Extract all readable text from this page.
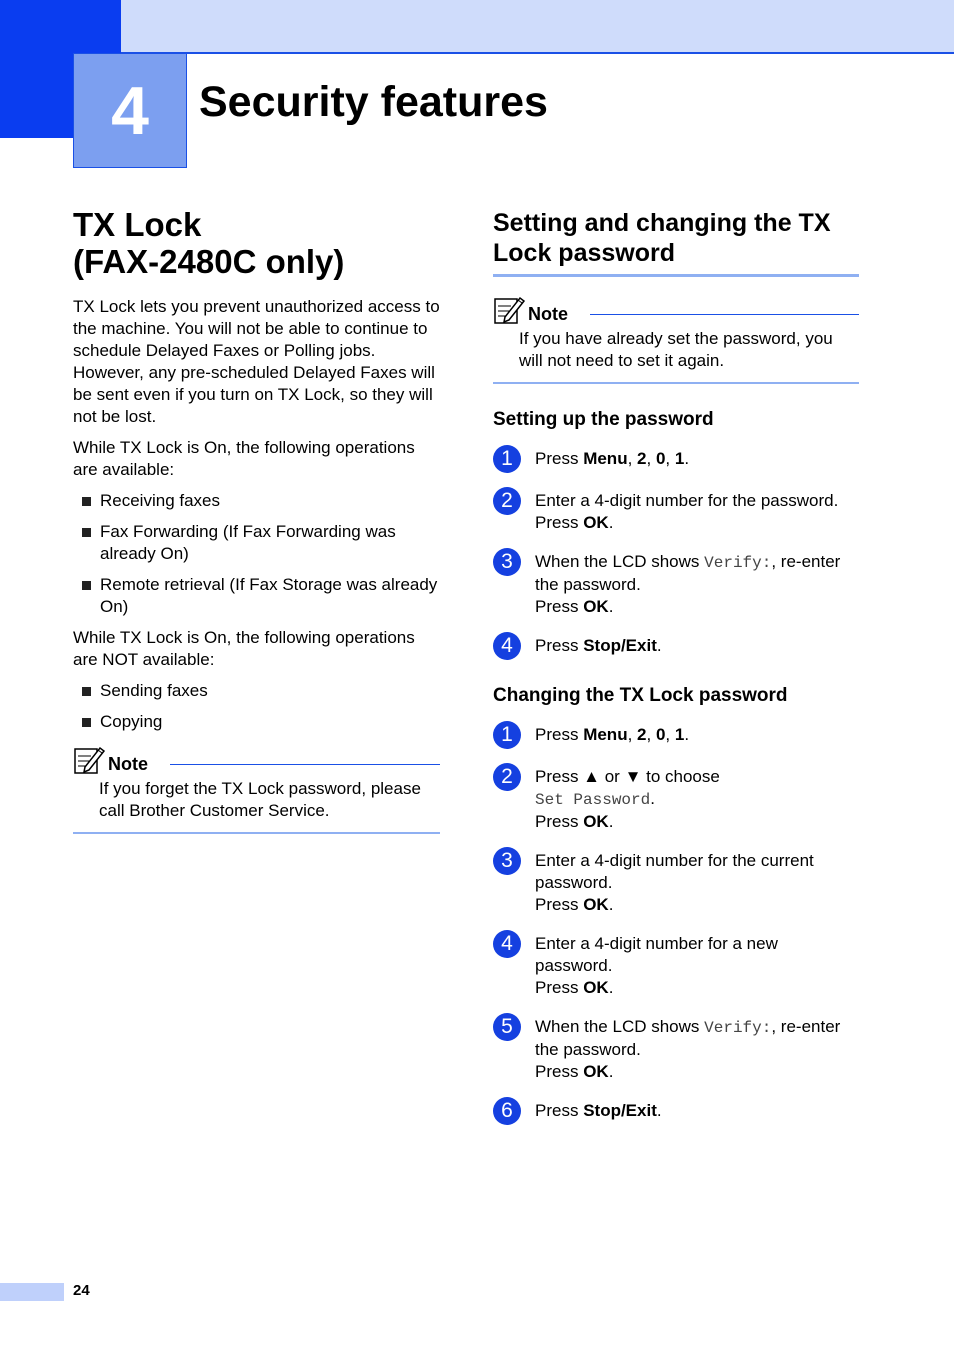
4 Security features
TX Lock
(FAX-2480C only)

TX Lock lets you prevent unauthorized access to the machine. You will not be able to continue to schedule Delayed Faxes or Polling jobs. However, any pre-scheduled Delayed Faxes will be sent even if you turn on TX Lock, so they will not be lost.

While TX Lock is On, the following operations are available:

Receiving faxes
Fax Forwarding (If Fax Forwarding was already On)
Remote retrieval (If Fax Storage was already On)

While TX Lock is On, the following operations are NOT available:

Sending faxes
Copying
Note
If you forget the TX Lock password, please call Brother Customer Service.
Setting and changing the TX Lock password
Note
If you have already set the password, you will not need to set it again.
Setting up the password
1	Press Menu, 2, 0, 1.
2	Enter a 4-digit number for the password.
Press OK.
3	When the LCD shows Verify:, re-enter the password.
Press OK.
4	Press Stop/Exit.
Changing the TX Lock password
1	Press Menu, 2, 0, 1.
2	Press ▲ or ▼ to choose
Set Password.
Press OK.
3	Enter a 4-digit number for the current password.
Press OK.
4	Enter a 4-digit number for a new password.
Press OK.
5	When the LCD shows Verify:, re-enter the password.
Press OK.
6	Press Stop/Exit.
24
